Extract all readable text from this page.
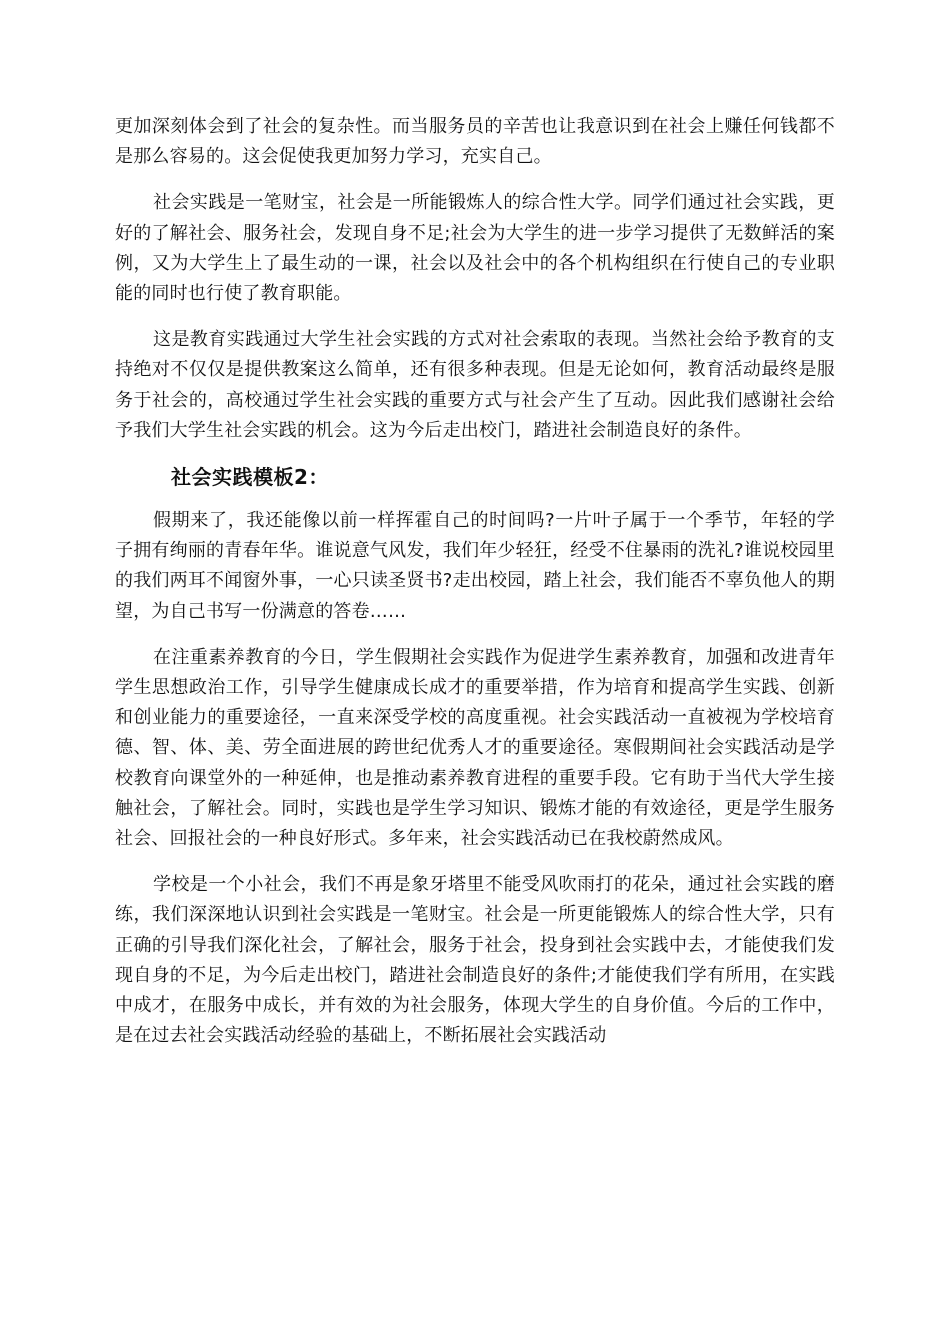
更加深刻体会到了社会的复杂性。而当服务员的辛苦也让我意识到在社会上赚任何钱都不是那么容易的。这会促使我更加努力学习，充实自己。

社会实践是一笔财宝，社会是一所能锻炼人的综合性大学。同学们通过社会实践，更好的了解社会、服务社会，发现自身不足;社会为大学生的进一步学习提供了无数鲜活的案例，又为大学生上了最生动的一课，社会以及社会中的各个机构组织在行使自己的专业职能的同时也行使了教育职能。

这是教育实践通过大学生社会实践的方式对社会索取的表现。当然社会给予教育的支持绝对不仅仅是提供教案这么简单，还有很多种表现。但是无论如何，教育活动最终是服务于社会的，高校通过学生社会实践的重要方式与社会产生了互动。因此我们感谢社会给予我们大学生社会实践的机会。这为今后走出校门，踏进社会制造良好的条件。

社会实践模板2：

假期来了，我还能像以前一样挥霍自己的时间吗?一片叶子属于一个季节，年轻的学子拥有绚丽的青春年华。谁说意气风发，我们年少轻狂，经受不住暴雨的洗礼?谁说校园里的我们两耳不闻窗外事，一心只读圣贤书?走出校园，踏上社会，我们能否不辜负他人的期望，为自己书写一份满意的答卷……

在注重素养教育的今日，学生假期社会实践作为促进学生素养教育，加强和改进青年学生思想政治工作，引导学生健康成长成才的重要举措，作为培育和提高学生实践、创新和创业能力的重要途径，一直来深受学校的高度重视。社会实践活动一直被视为学校培育德、智、体、美、劳全面进展的跨世纪优秀人才的重要途径。寒假期间社会实践活动是学校教育向课堂外的一种延伸，也是推动素养教育进程的重要手段。它有助于当代大学生接触社会，了解社会。同时，实践也是学生学习知识、锻炼才能的有效途径，更是学生服务社会、回报社会的一种良好形式。多年来，社会实践活动已在我校蔚然成风。

学校是一个小社会，我们不再是象牙塔里不能受风吹雨打的花朵，通过社会实践的磨练，我们深深地认识到社会实践是一笔财宝。社会是一所更能锻炼人的综合性大学，只有正确的引导我们深化社会，了解社会，服务于社会，投身到社会实践中去，才能使我们发现自身的不足，为今后走出校门，踏进社会制造良好的条件;才能使我们学有所用，在实践中成才，在服务中成长，并有效的为社会服务，体现大学生的自身价值。今后的工作中，是在过去社会实践活动经验的基础上，不断拓展社会实践活动
